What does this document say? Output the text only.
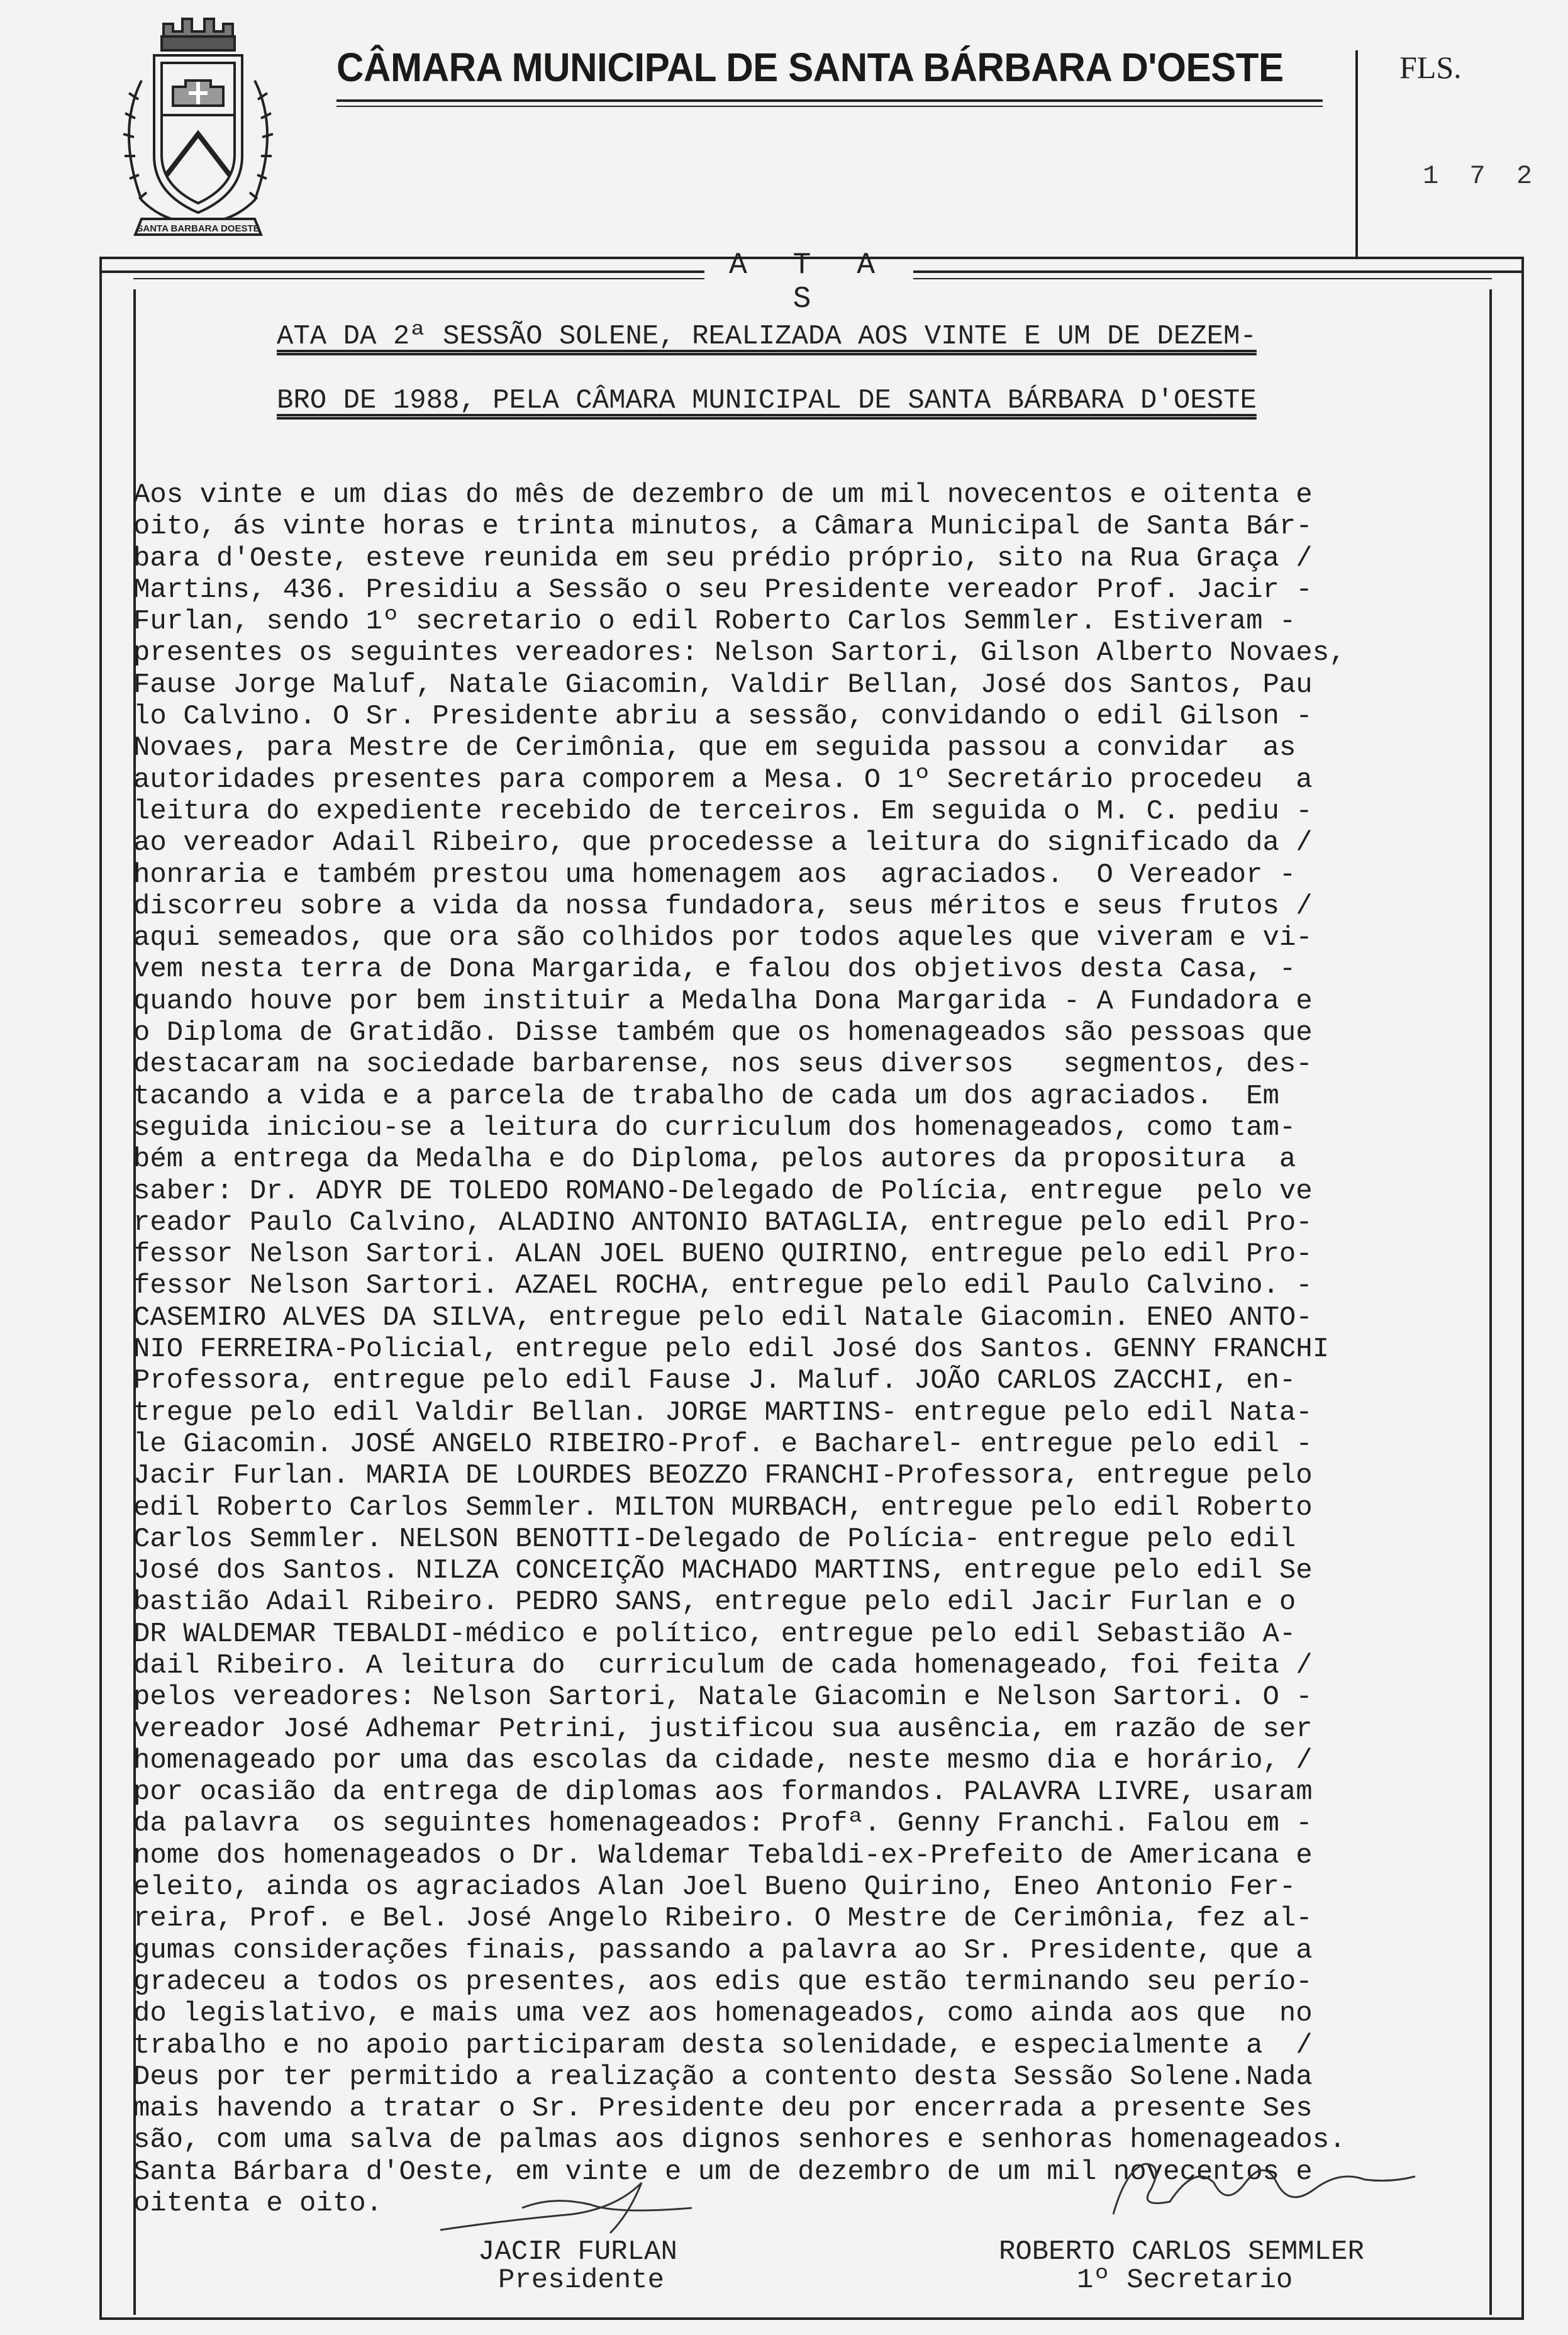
SANTA BARBARA DOESTE
CÂMARA MUNICIPAL DE SANTA BÁRBARA D'OESTE	FLS.
1 7 2
A T A S
ATA DA 2ª SESSÃO SOLENE, REALIZADA AOS VINTE E UM DE DEZEM-
BRO DE 1988, PELA CÂMARA MUNICIPAL DE SANTA BÁRBARA D'OESTE
Aos vinte e um dias do mês de dezembro de um mil novecentos e oitenta e
oito, ás vinte horas e trinta minutos, a Câmara Municipal de Santa Bár-
bara d'Oeste, esteve reunida em seu prédio próprio, sito na Rua Graça /
Martins, 436. Presidiu a Sessão o seu Presidente vereador Prof. Jacir -
Furlan, sendo 1º secretario o edil Roberto Carlos Semmler. Estiveram -
presentes os seguintes vereadores: Nelson Sartori, Gilson Alberto Novaes,
Fause Jorge Maluf, Natale Giacomin, Valdir Bellan, José dos Santos, Pau
lo Calvino. O Sr. Presidente abriu a sessão, convidando o edil Gilson -
Novaes, para Mestre de Cerimônia, que em seguida passou a convidar  as
autoridades presentes para comporem a Mesa. O 1º Secretário procedeu  a
leitura do expediente recebido de terceiros. Em seguida o M. C. pediu -
ao vereador Adail Ribeiro, que procedesse a leitura do significado da /
honraria e também prestou uma homenagem aos  agraciados.  O Vereador -
discorreu sobre a vida da nossa fundadora, seus méritos e seus frutos /
aqui semeados, que ora são colhidos por todos aqueles que viveram e vi-
vem nesta terra de Dona Margarida, e falou dos objetivos desta Casa, -
quando houve por bem instituir a Medalha Dona Margarida - A Fundadora e
o Diploma de Gratidão. Disse também que os homenageados são pessoas que
destacaram na sociedade barbarense, nos seus diversos   segmentos, des-
tacando a vida e a parcela de trabalho de cada um dos agraciados.  Em
seguida iniciou-se a leitura do curriculum dos homenageados, como tam-
bém a entrega da Medalha e do Diploma, pelos autores da propositura  a
saber: Dr. ADYR DE TOLEDO ROMANO-Delegado de Polícia, entregue  pelo ve
reador Paulo Calvino, ALADINO ANTONIO BATAGLIA, entregue pelo edil Pro-
fessor Nelson Sartori. ALAN JOEL BUENO QUIRINO, entregue pelo edil Pro-
fessor Nelson Sartori. AZAEL ROCHA, entregue pelo edil Paulo Calvino. -
CASEMIRO ALVES DA SILVA, entregue pelo edil Natale Giacomin. ENEO ANTO-
NIO FERREIRA-Policial, entregue pelo edil José dos Santos. GENNY FRANCHI
Professora, entregue pelo edil Fause J. Maluf. JOÃO CARLOS ZACCHI, en-
tregue pelo edil Valdir Bellan. JORGE MARTINS- entregue pelo edil Nata-
le Giacomin. JOSÉ ANGELO RIBEIRO-Prof. e Bacharel- entregue pelo edil -
Jacir Furlan. MARIA DE LOURDES BEOZZO FRANCHI-Professora, entregue pelo
edil Roberto Carlos Semmler. MILTON MURBACH, entregue pelo edil Roberto
Carlos Semmler. NELSON BENOTTI-Delegado de Polícia- entregue pelo edil
José dos Santos. NILZA CONCEIÇÃO MACHADO MARTINS, entregue pelo edil Se
bastião Adail Ribeiro. PEDRO SANS, entregue pelo edil Jacir Furlan e o
DR WALDEMAR TEBALDI-médico e político, entregue pelo edil Sebastião A-
dail Ribeiro. A leitura do  curriculum de cada homenageado, foi feita /
pelos vereadores: Nelson Sartori, Natale Giacomin e Nelson Sartori. O -
vereador José Adhemar Petrini, justificou sua ausência, em razão de ser
homenageado por uma das escolas da cidade, neste mesmo dia e horário, /
por ocasião da entrega de diplomas aos formandos. PALAVRA LIVRE, usaram
da palavra  os seguintes homenageados: Profª. Genny Franchi. Falou em -
nome dos homenageados o Dr. Waldemar Tebaldi-ex-Prefeito de Americana e
eleito, ainda os agraciados Alan Joel Bueno Quirino, Eneo Antonio Fer-
reira, Prof. e Bel. José Angelo Ribeiro. O Mestre de Cerimônia, fez al-
gumas considerações finais, passando a palavra ao Sr. Presidente, que a
gradeceu a todos os presentes, aos edis que estão terminando seu perío-
do legislativo, e mais uma vez aos homenageados, como ainda aos que  no
trabalho e no apoio participaram desta solenidade, e especialmente a  /
Deus por ter permitido a realização a contento desta Sessão Solene.Nada
mais havendo a tratar o Sr. Presidente deu por encerrada a presente Ses
são, com uma salva de palmas aos dignos senhores e senhoras homenageados.
Santa Bárbara d'Oeste, em vinte e um de dezembro de um mil novecentos e
oitenta e oito.

JACIR FURLAN
Presidente
ROBERTO CARLOS SEMMLER
1º Secretario
